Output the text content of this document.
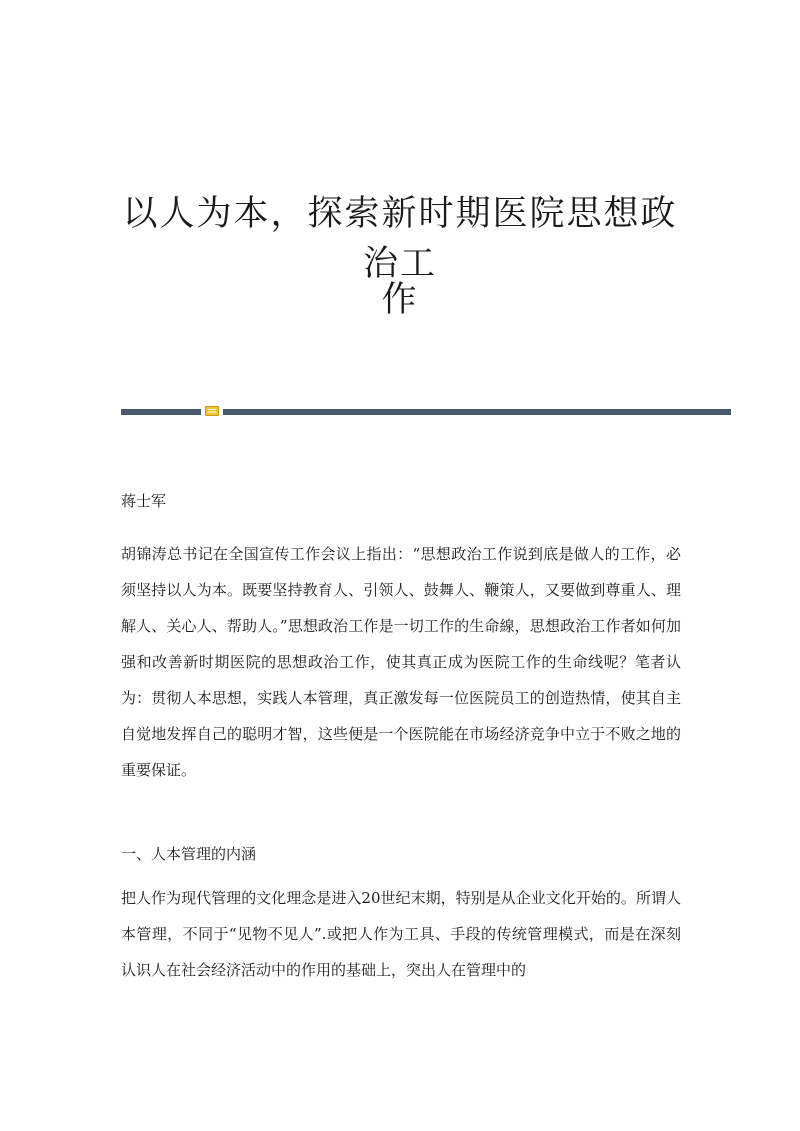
以人为本，探索新时期医院思想政治工
作

蒋士军

胡锦涛总书记在全国宣传工作会议上指出：“思想政治工作说到底是做人的工作，必须坚持以人为本。既要坚持教育人、引领人、鼓舞人、鞭策人，又要做到尊重人、理解人、关心人、帮助人。”思想政治工作是一切工作的生命線，思想政治工作者如何加强和改善新时期医院的思想政治工作，使其真正成为医院工作的生命线呢？笔者认为：贯彻人本思想，实践人本管理，真正激发每一位医院员工的创造热情，使其自主自觉地发挥自己的聪明才智，这些便是一个医院能在市场经济竞争中立于不败之地的重要保证。

一、人本管理的内涵

把人作为现代管理的文化理念是进入20世纪末期，特别是从企业文化开始的。所谓人本管理，不同于“见物不见人”.或把人作为工具、手段的传统管理模式，而是在深刻认识人在社会经济活动中的作用的基础上，突出人在管理中的
